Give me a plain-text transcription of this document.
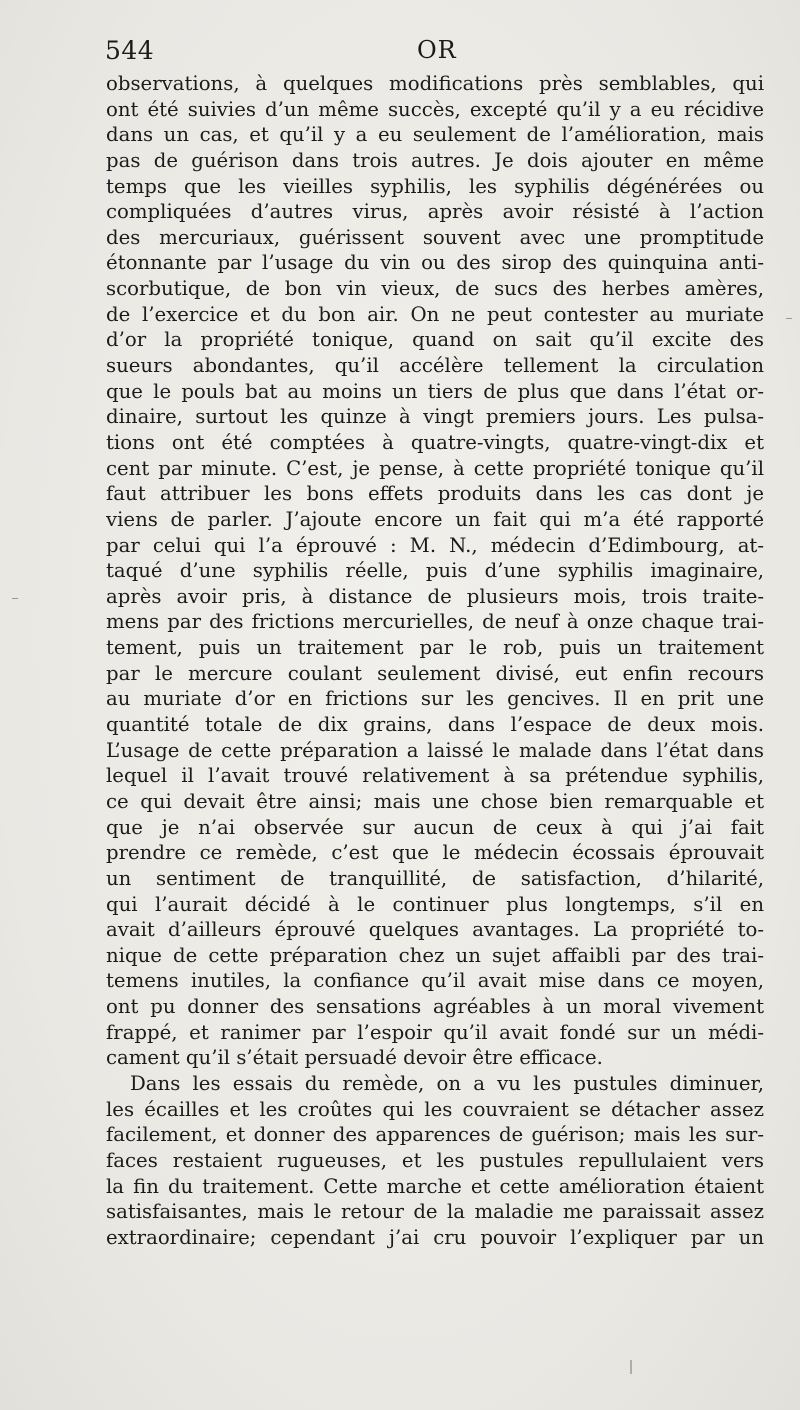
544	OR
observations, à quelques modifications près semblables, qui
ont été suivies d’un même succès, excepté qu’il y a eu récidive
dans un cas, et qu’il y a eu seulement de l’amélioration, mais
pas de guérison dans trois autres. Je dois ajouter en même
temps que les vieilles syphilis, les syphilis dégénérées ou
compliquées d’autres virus, après avoir résisté à l’action
des mercuriaux, guérissent souvent avec une promptitude
étonnante par l’usage du vin ou des sirop des quinquina anti-
scorbutique, de bon vin vieux, de sucs des herbes amères,
de l’exercice et du bon air. On ne peut contester au muriate
d’or la propriété tonique, quand on sait qu’il excite des
sueurs abondantes, qu’il accélère tellement la circulation
que le pouls bat au moins un tiers de plus que dans l’état or-
dinaire, surtout les quinze à vingt premiers jours. Les pulsa-
tions ont été comptées à quatre-vingts, quatre-vingt-dix et
cent par minute. C’est, je pense, à cette propriété tonique qu’il
faut attribuer les bons effets produits dans les cas dont je
viens de parler. J’ajoute encore un fait qui m’a été rapporté
par celui qui l’a éprouvé : M. N., médecin d’Edimbourg, at-
taqué d’une syphilis réelle, puis d’une syphilis imaginaire,
après avoir pris, à distance de plusieurs mois, trois traite-
mens par des frictions mercurielles, de neuf à onze chaque trai-
tement, puis un traitement par le rob, puis un traitement
par le mercure coulant seulement divisé, eut enfin recours
au muriate d’or en frictions sur les gencives. Il en prit une
quantité totale de dix grains, dans l’espace de deux mois.
L’usage de cette préparation a laissé le malade dans l’état dans
lequel il l’avait trouvé relativement à sa prétendue syphilis,
ce qui devait être ainsi; mais une chose bien remarquable et
que je n’ai observée sur aucun de ceux à qui j’ai fait
prendre ce remède, c’est que le médecin écossais éprouvait
un sentiment de tranquillité, de satisfaction, d’hilarité,
qui l’aurait décidé à le continuer plus longtemps, s’il en
avait d’ailleurs éprouvé quelques avantages. La propriété to-
nique de cette préparation chez un sujet affaibli par des trai-
temens inutiles, la confiance qu’il avait mise dans ce moyen,
ont pu donner des sensations agréables à un moral vivement
frappé, et ranimer par l’espoir qu’il avait fondé sur un médi-
cament qu’il s’était persuadé devoir être efficace.
Dans les essais du remède, on a vu les pustules diminuer,
les écailles et les croûtes qui les couvraient se détacher assez
facilement, et donner des apparences de guérison; mais les sur-
faces restaient rugueuses, et les pustules repullulaient vers
la fin du traitement. Cette marche et cette amélioration étaient
satisfaisantes, mais le retour de la maladie me paraissait assez
extraordinaire; cependant j’ai cru pouvoir l’expliquer par un
